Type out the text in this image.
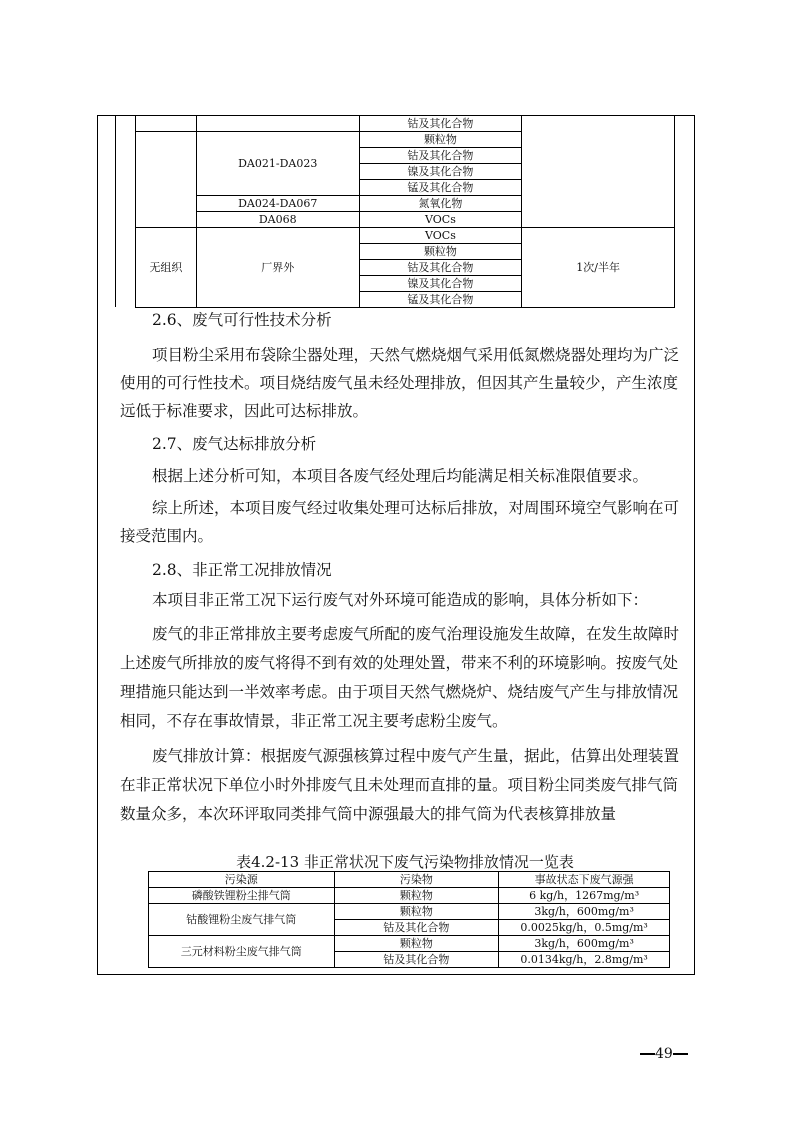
		钴及其化合物	
	DA021-DA023	颗粒物	
		钴及其化合物	
		镍及其化合物	
		锰及其化合物	
	DA024-DA067	氮氧化物	
	DA068	VOCs	
无组织	厂界外	VOCs	1次/半年
		颗粒物	
		钴及其化合物	
		镍及其化合物	
		锰及其化合物	

2.6、废气可行性技术分析

项目粉尘采用布袋除尘器处理，天然气燃烧烟气采用低氮燃烧器处理均为广泛使用的可行性技术。项目烧结废气虽未经处理排放，但因其产生量较少，产生浓度远低于标准要求，因此可达标排放。

2.7、废气达标排放分析

根据上述分析可知，本项目各废气经处理后均能满足相关标准限值要求。

综上所述，本项目废气经过收集处理可达标后排放，对周围环境空气影响在可接受范围内。

2.8、非正常工况排放情况

本项目非正常工况下运行废气对外环境可能造成的影响，具体分析如下：

废气的非正常排放主要考虑废气所配的废气治理设施发生故障，在发生故障时上述废气所排放的废气将得不到有效的处理处置，带来不利的环境影响。按废气处理措施只能达到一半效率考虑。由于项目天然气燃烧炉、烧结废气产生与排放情况相同，不存在事故情景，非正常工况主要考虑粉尘废气。

废气排放计算：根据废气源强核算过程中废气产生量，据此，估算出处理装置在非正常状况下单位小时外排废气且未处理而直排的量。项目粉尘同类废气排气筒数量众多，本次环评取同类排气筒中源强最大的排气筒为代表核算排放量

表4.2-13 非正常状况下废气污染物排放情况一览表
污染源	污染物	事故状态下废气源强
磷酸铁锂粉尘排气筒	颗粒物	6 kg/h，1267mg/m³
钴酸锂粉尘废气排气筒	颗粒物	3kg/h，600mg/m³
	钴及其化合物	0.0025kg/h，0.5mg/m³
三元材料粉尘废气排气筒	颗粒物	3kg/h，600mg/m³
	钴及其化合物	0.0134kg/h，2.8mg/m³
49
